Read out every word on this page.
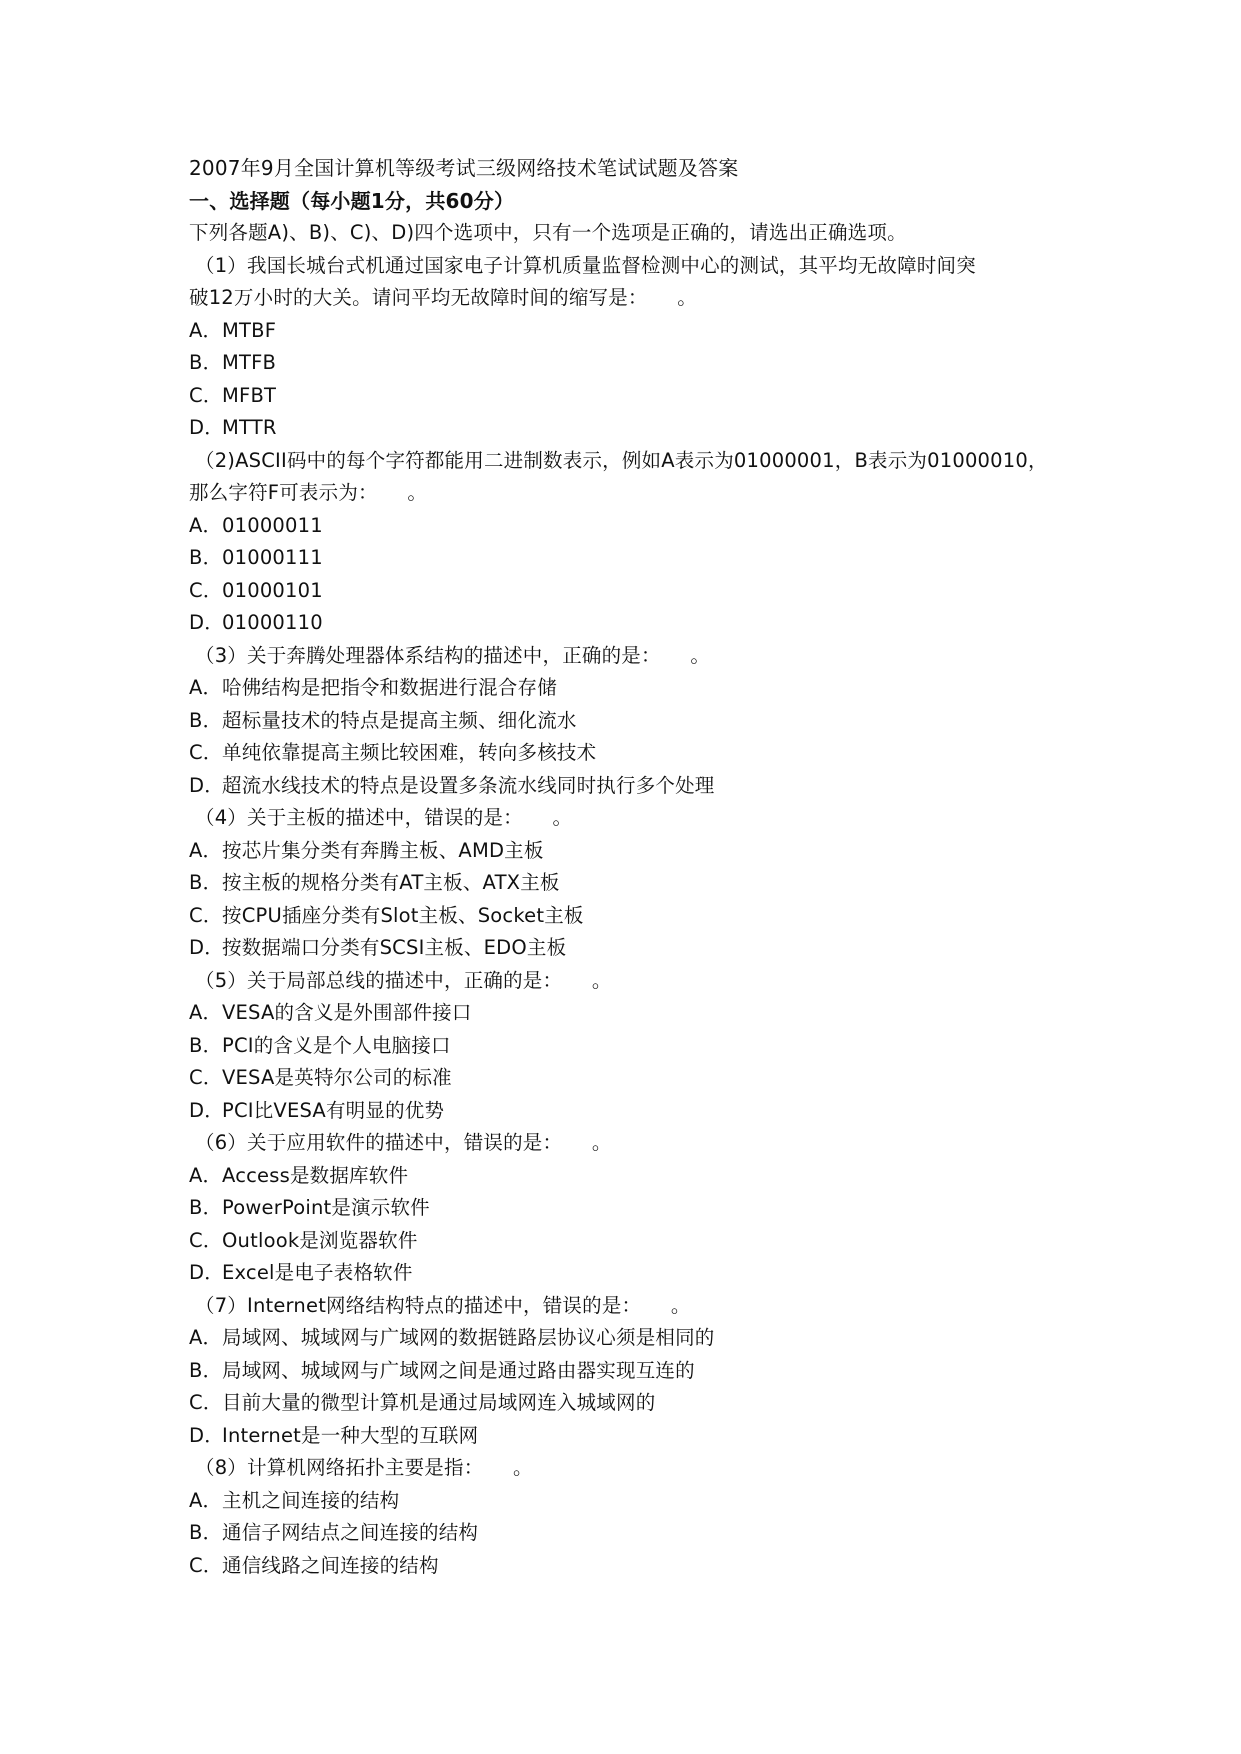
2007年9月全国计算机等级考试三级网络技术笔试试题及答案
一、选择题（每小题1分，共60分）
下列各题A)、B)、C)、D)四个选项中，只有一个选项是正确的，请选出正确选项。
（1）我国长城台式机通过国家电子计算机质量监督检测中心的测试，其平均无故障时间突
破12万小时的大关。请问平均无故障时间的缩写是：　　。
A．MTBF
B．MTFB
C．MFBT
D．MTTR
（2)ASCII码中的每个字符都能用二进制数表示，例如A表示为01000001，B表示为01000010，
那么字符F可表示为：　　。
A．01000011
B．01000111
C．01000101
D．01000110
（3）关于奔腾处理器体系结构的描述中，正确的是：　　。
A．哈佛结构是把指令和数据进行混合存储
B．超标量技术的特点是提高主频、细化流水
C．单纯依靠提高主频比较困难，转向多核技术
D．超流水线技术的特点是设置多条流水线同时执行多个处理
（4）关于主板的描述中，错误的是：　　。
A．按芯片集分类有奔腾主板、AMD主板
B．按主板的规格分类有AT主板、ATX主板
C．按CPU插座分类有Slot主板、Socket主板
D．按数据端口分类有SCSI主板、EDO主板
（5）关于局部总线的描述中，正确的是：　　。
A．VESA的含义是外围部件接口
B．PCI的含义是个人电脑接口
C．VESA是英特尔公司的标准
D．PCI比VESA有明显的优势
（6）关于应用软件的描述中，错误的是：　　。
A．Access是数据库软件
B．PowerPoint是演示软件
C．Outlook是浏览器软件
D．Excel是电子表格软件
（7）Internet网络结构特点的描述中，错误的是：　　。
A．局域网、城域网与广域网的数据链路层协议心须是相同的
B．局域网、城域网与广域网之间是通过路由器实现互连的
C．目前大量的微型计算机是通过局域网连入城域网的
D．Internet是一种大型的互联网
（8）计算机网络拓扑主要是指：　　。
A．主机之间连接的结构
B．通信子网结点之间连接的结构
C．通信线路之间连接的结构
